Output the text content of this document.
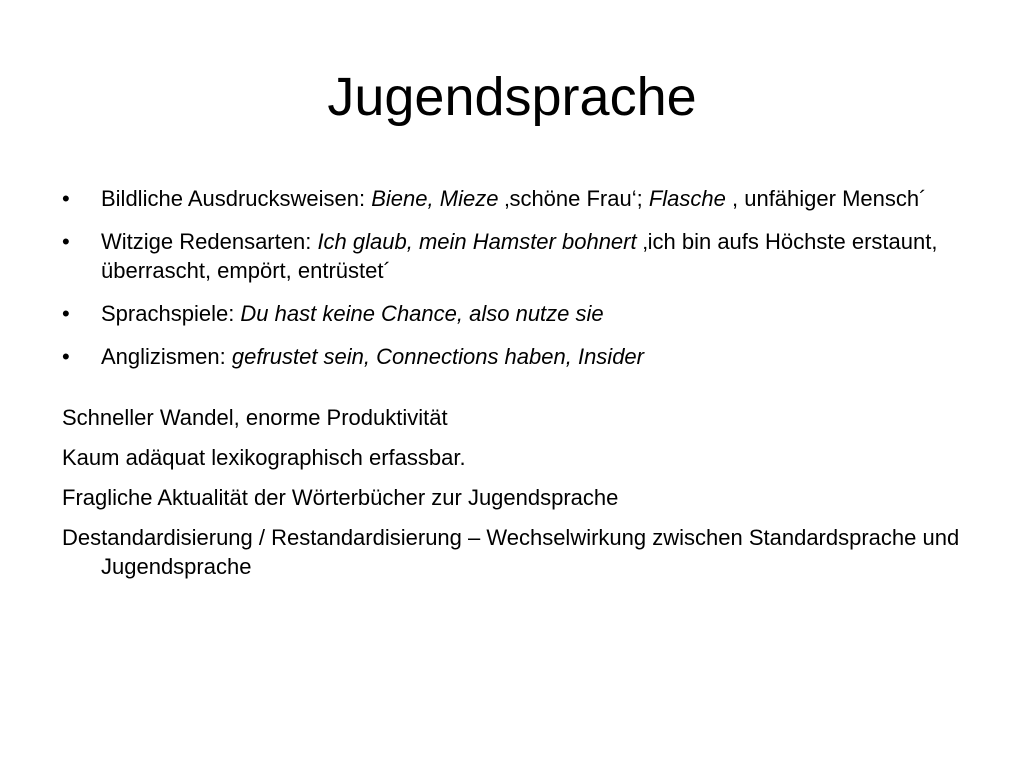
Jugendsprache
•	Bildliche Ausdrucksweisen: Biene, Mieze ‚schöne Frau‘; Flasche , unfähiger Mensch´
•	Witzige Redensarten: Ich glaub, mein Hamster bohnert ‚ich bin aufs Höchste erstaunt, überrascht, empört, entrüstet´
•	Sprachspiele: Du hast keine Chance, also nutze sie
•	Anglizismen: gefrustet sein, Connections haben, Insider
Schneller Wandel, enorme Produktivität
Kaum adäquat lexikographisch erfassbar.
Fragliche Aktualität der Wörterbücher zur Jugendsprache
Destandardisierung / Restandardisierung – Wechselwirkung zwischen Standardsprache und Jugendsprache
